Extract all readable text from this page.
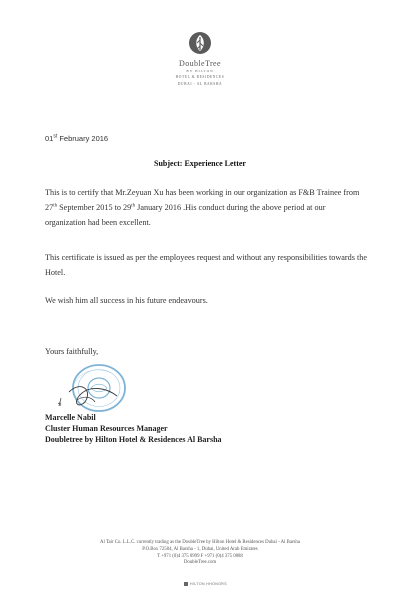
DoubleTree
BY HILTON
HOTEL & RESIDENCES
DUBAI - AL BARSHA
01st February 2016
Subject: Experience Letter
This is to certify that Mr.Zeyuan Xu has been working in our organization as F&B Trainee from 27th September 2015 to 29th January 2016 .His conduct during the above period at our organization had been excellent.
This certificate is issued as per the employees request and without any responsibilities towards the Hotel.
We wish him all success in his future endeavours.
Yours faithfully,
Marcelle Nabil
Cluster Human Resources Manager
Doubletree by Hilton Hotel & Residences Al Barsha
Al Tair Co. L.L.C. currently trading as the DoubleTree by Hilton Hotel & Residences Dubai - Al Barsha
P.O.Box 72584, Al Barsha - 1, Dubai, United Arab Emirates
T +971 (0)4 375 0999 F +971 (0)4 375 0888
DoubleTree.com
HILTON HHONORS
